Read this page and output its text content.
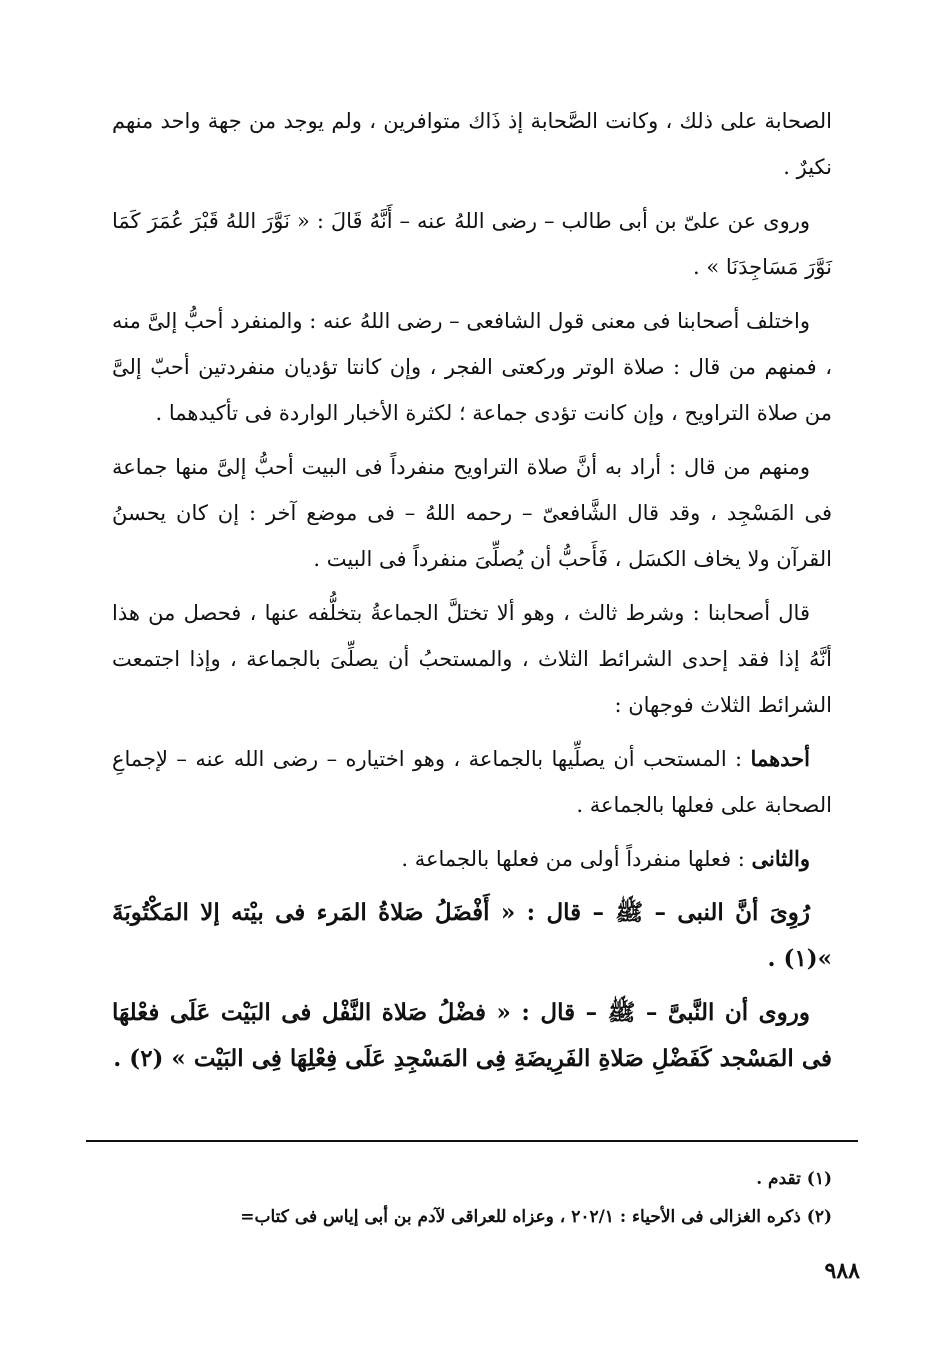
الصحابة على ذلك ، وكانت الصَّحابة إذ ذَاك متوافرين ، ولم يوجد من جهة واحد منهم نكيرٌ .

وروى عن علىّ بن أبى طالب – رضى اللهُ عنه – أَنَّهُ قَالَ : « نَوَّرَ اللهُ قَبْرَ عُمَرَ كَمَا نَوَّرَ مَسَاجِدَنَا » .

واختلف أصحابنا فى معنى قول الشافعى – رضى اللهُ عنه : والمنفرد أحبُّ إلىَّ منه ، فمنهم من قال : صلاة الوتر وركعتى الفجر ، وإن كانتا تؤديان منفردتين أحبّ إلىَّ من صلاة التراويح ، وإن كانت تؤدى جماعة ؛ لكثرة الأخبار الواردة فى تأكيدهما .

ومنهم من قال : أراد به أنَّ صلاة التراويح منفرداً فى البيت أحبُّ إلىَّ منها جماعة فى المَسْجِد ، وقد قال الشَّافعىّ – رحمه اللهُ – فى موضع آخر : إن كان يحسنُ القرآن ولا يخاف الكسَل ، فَأَحبُّ أن يُصلِّىَ منفرداً فى البيت .

قال أصحابنا : وشرط ثالث ، وهو ألا تختلَّ الجماعةُ بتخلُّفه عنها ، فحصل من هذا أنَّهُ إذا فقد إحدى الشرائط الثلاث ، والمستحبُ أن يصلِّىَ بالجماعة ، وإذا اجتمعت الشرائط الثلاث فوجهان :

أحدهما : المستحب أن يصلِّيها بالجماعة ، وهو اختياره – رضى الله عنه – لإجماعِ الصحابة على فعلها بالجماعة .

والثانى : فعلها منفرداً أولى من فعلها بالجماعة .

رُوِىَ أنَّ النبى – ﷺ – قال : « أَفْضَلُ صَلاةُ المَرء فى بيْته إلا المَكْتُوبَةَ »(١) .

وروى أن النَّبىَّ – ﷺ – قال : « فضْلُ صَلاة النَّفْل فى البَيْت عَلَى فعْلهَا فى المَسْجد كَفَضْلِ صَلاةِ الفَرِيضَةِ فِى المَسْجِدِ عَلَى فِعْلِهَا فِى البَيْت » (٢) .

(١) تقدم .

(٢) ذكره الغزالى فى الأحياء : ٢٠٢/١ ، وعزاه للعراقى لآدم بن أبى إياس فى كتاب=

٩٨٨
